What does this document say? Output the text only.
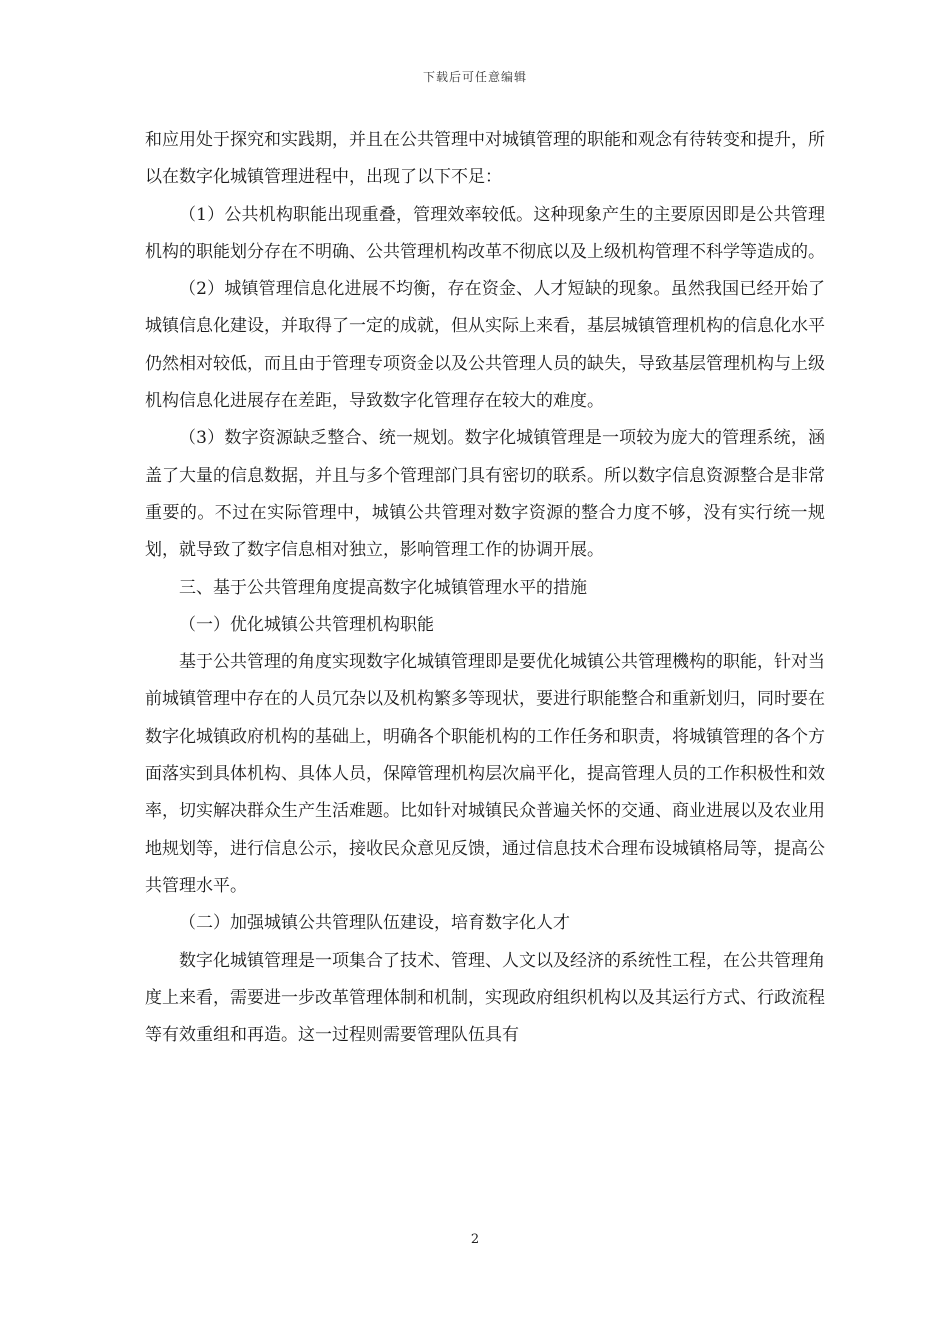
下载后可任意编辑

和应用处于探究和实践期，并且在公共管理中对城镇管理的职能和观念有待转变和提升，所以在数字化城镇管理进程中，出现了以下不足：

（1）公共机构职能出现重叠，管理效率较低。这种现象产生的主要原因即是公共管理机构的职能划分存在不明确、公共管理机构改革不彻底以及上级机构管理不科学等造成的。

（2）城镇管理信息化进展不均衡，存在资金、人才短缺的现象。虽然我国已经开始了城镇信息化建设，并取得了一定的成就，但从实际上来看，基层城镇管理机构的信息化水平仍然相对较低，而且由于管理专项资金以及公共管理人员的缺失，导致基层管理机构与上级机构信息化进展存在差距，导致数字化管理存在较大的难度。

（3）数字资源缺乏整合、统一规划。数字化城镇管理是一项较为庞大的管理系统，涵盖了大量的信息数据，并且与多个管理部门具有密切的联系。所以数字信息资源整合是非常重要的。不过在实际管理中，城镇公共管理对数字资源的整合力度不够，没有实行统一规划，就导致了数字信息相对独立，影响管理工作的协调开展。

三、基于公共管理角度提高数字化城镇管理水平的措施

（一）优化城镇公共管理机构职能

基于公共管理的角度实现数字化城镇管理即是要优化城镇公共管理機构的职能，针对当前城镇管理中存在的人员冗杂以及机构繁多等现状，要进行职能整合和重新划归，同时要在数字化城镇政府机构的基础上，明确各个职能机构的工作任务和职责，将城镇管理的各个方面落实到具体机构、具体人员，保障管理机构层次扁平化，提高管理人员的工作积极性和效率，切实解决群众生产生活难题。比如针对城镇民众普遍关怀的交通、商业进展以及农业用地规划等，进行信息公示，接收民众意见反馈，通过信息技术合理布设城镇格局等，提高公共管理水平。

（二）加强城镇公共管理队伍建设，培育数字化人才

数字化城镇管理是一项集合了技术、管理、人文以及经济的系统性工程，在公共管理角度上来看，需要进一步改革管理体制和机制，实现政府组织机构以及其运行方式、行政流程等有效重组和再造。这一过程则需要管理队伍具有

2
